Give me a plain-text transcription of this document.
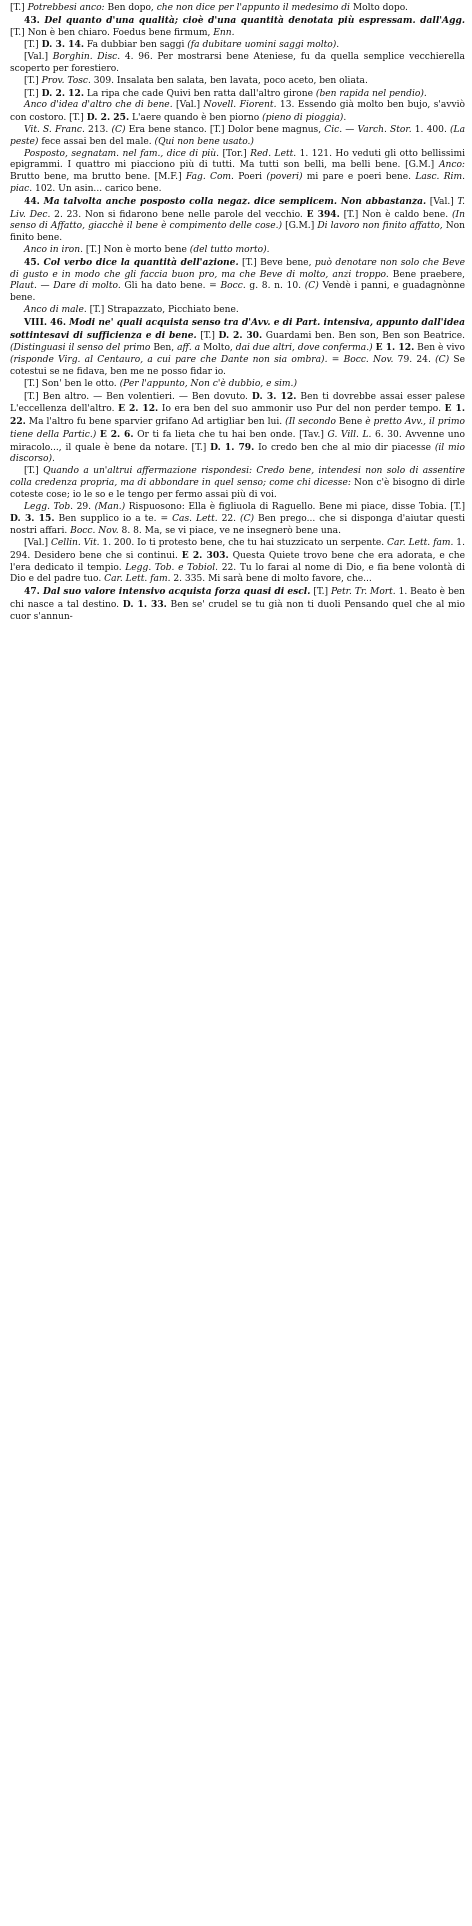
[T.] Potrebbesi anco: Ben dopo, che non dice per l'appunto il medesimo di Molto dopo.

43. Del quanto d'una qualità; cioè d'una quantità denotata più espressam. dall'Agg. [T.] Non è ben chiaro. Foedus bene firmum, Enn.

[T.] D. 3. 14. Fa dubbiar ben saggi (fa dubitare uomini saggi molto).

[Val.] Borghin. Disc. 4. 96. Per mostrarsi bene Ateniese, fu da quella semplice vecchierella scoperto per forestiero.

[T.] Prov. Tosc. 309. Insalata ben salata, ben lavata, poco aceto, ben oliata.

[T.] D. 2. 12. La ripa che cade Quivi ben ratta dall'altro girone (ben rapida nel pendio).

Anco d'idea d'altro che di bene. [Val.] Novell. Fiorent. 13. Essendo già molto ben bujo, s'avviò con costoro. [T.] D. 2. 25. L'aere quando è ben piorno (pieno di pioggia).

Vit. S. Franc. 213. (C) Era bene stanco. [T.] Dolor bene magnus, Cic. — Varch. Stor. 1. 400. (La peste) fece assai ben del male. (Qui non bene usato.)

Posposto, segnatam. nel fam., dice di più. [Tor.] Red. Lett. 1. 121. Ho veduti gli otto bellissimi epigrammi. I quattro mi piacciono più di tutti. Ma tutti son belli, ma belli bene. [G.M.] Anco: Brutto bene, ma brutto bene. [M.F.] Fag. Com. Poeri (poveri) mi pare e poeri bene. Lasc. Rim. piac. 102. Un asin... carico bene.

44. Ma talvolta anche posposto colla negaz. dice semplicem. Non abbastanza. [Val.] T. Liv. Dec. 2. 23. Non si fidarono bene nelle parole del vecchio. E 394. [T.] Non è caldo bene. (In senso di Affatto, giacchè il bene è compimento delle cose.) [G.M.] Di lavoro non finito affatto, Non finito bene.

Anco in iron. [T.] Non è morto bene (del tutto morto).

45. Col verbo dice la quantità dell'azione. [T.] Beve bene, può denotare non solo che Beve di gusto e in modo che gli faccia buon pro, ma che Beve di molto, anzi troppo. Bene praebere, Plaut. — Dare di molto. Gli ha dato bene. = Bocc. g. 8. n. 10. (C) Vendè i panni, e guadagnònne bene.

Anco di male. [T.] Strapazzato, Picchiato bene.

VIII. 46. Modi ne' quali acquista senso tra d'Avv. e di Part. intensiva, appunto dall'idea sottintesavi di sufficienza e di bene. [T.] D. 2. 30. Guardami ben. Ben son, Ben son Beatrice. (Distinguasi il senso del primo Ben, aff. a Molto, dai due altri, dove conferma.) E 1. 12. Ben è vivo (risponde Virg. al Centauro, a cui pare che Dante non sia ombra). = Bocc. Nov. 79. 24. (C) Se cotestui se ne fidava, ben me ne posso fidar io.

[T.] Son' ben le otto. (Per l'appunto, Non c'è dubbio, e sim.)

[T.] Ben altro. — Ben volentieri. — Ben dovuto. D. 3. 12. Ben ti dovrebbe assai esser palese L'eccellenza dell'altro. E 2. 12. Io era ben del suo ammonir uso Pur del non perder tempo. E 1. 22. Ma l'altro fu bene sparvier grifano Ad artigliar ben lui. (Il secondo Bene è pretto Avv., il primo tiene della Partic.) E 2. 6. Or ti fa lieta che tu hai ben onde. [Tav.] G. Vill. L. 6. 30. Avvenne uno miracolo..., il quale è bene da notare. [T.] D. 1. 79. Io credo ben che al mio dir piacesse (il mio discorso).

[T.] Quando a un'altrui affermazione rispondesi: Credo bene, intendesi non solo di assentire colla credenza propria, ma di abbondare in quel senso; come chi dicesse: Non c'è bisogno di dirle coteste cose; io le so e le tengo per fermo assai più di voi.

Legg. Tob. 29. (Man.) Rispuosono: Ella è figliuola di Raguello. Bene mi piace, disse Tobia. [T.] D. 3. 15. Ben supplico io a te. = Cas. Lett. 22. (C) Ben prego... che si disponga d'aiutar questi nostri affari. Bocc. Nov. 8. 8. Ma, se vi piace, ve ne insegnerò bene una.

[Val.] Cellin. Vit. 1. 200. Io ti protesto bene, che tu hai stuzzicato un serpente. Car. Lett. fam. 1. 294. Desidero bene che si continui. E 2. 303. Questa Quiete trovo bene che era adorata, e che l'era dedicato il tempio. Legg. Tob. e Tobiol. 22. Tu lo farai al nome di Dio, e fia bene volontà di Dio e del padre tuo. Car. Lett. fam. 2. 335. Mi sarà bene di molto favore, che...

47. Dal suo valore intensivo acquista forza quasi di escl. [T.] Petr. Tr. Mort. 1. Beato è ben chi nasce a tal destino. D. 1. 33. Ben se' crudel se tu già non ti duoli Pensando quel che al mio cuor s'annun-
